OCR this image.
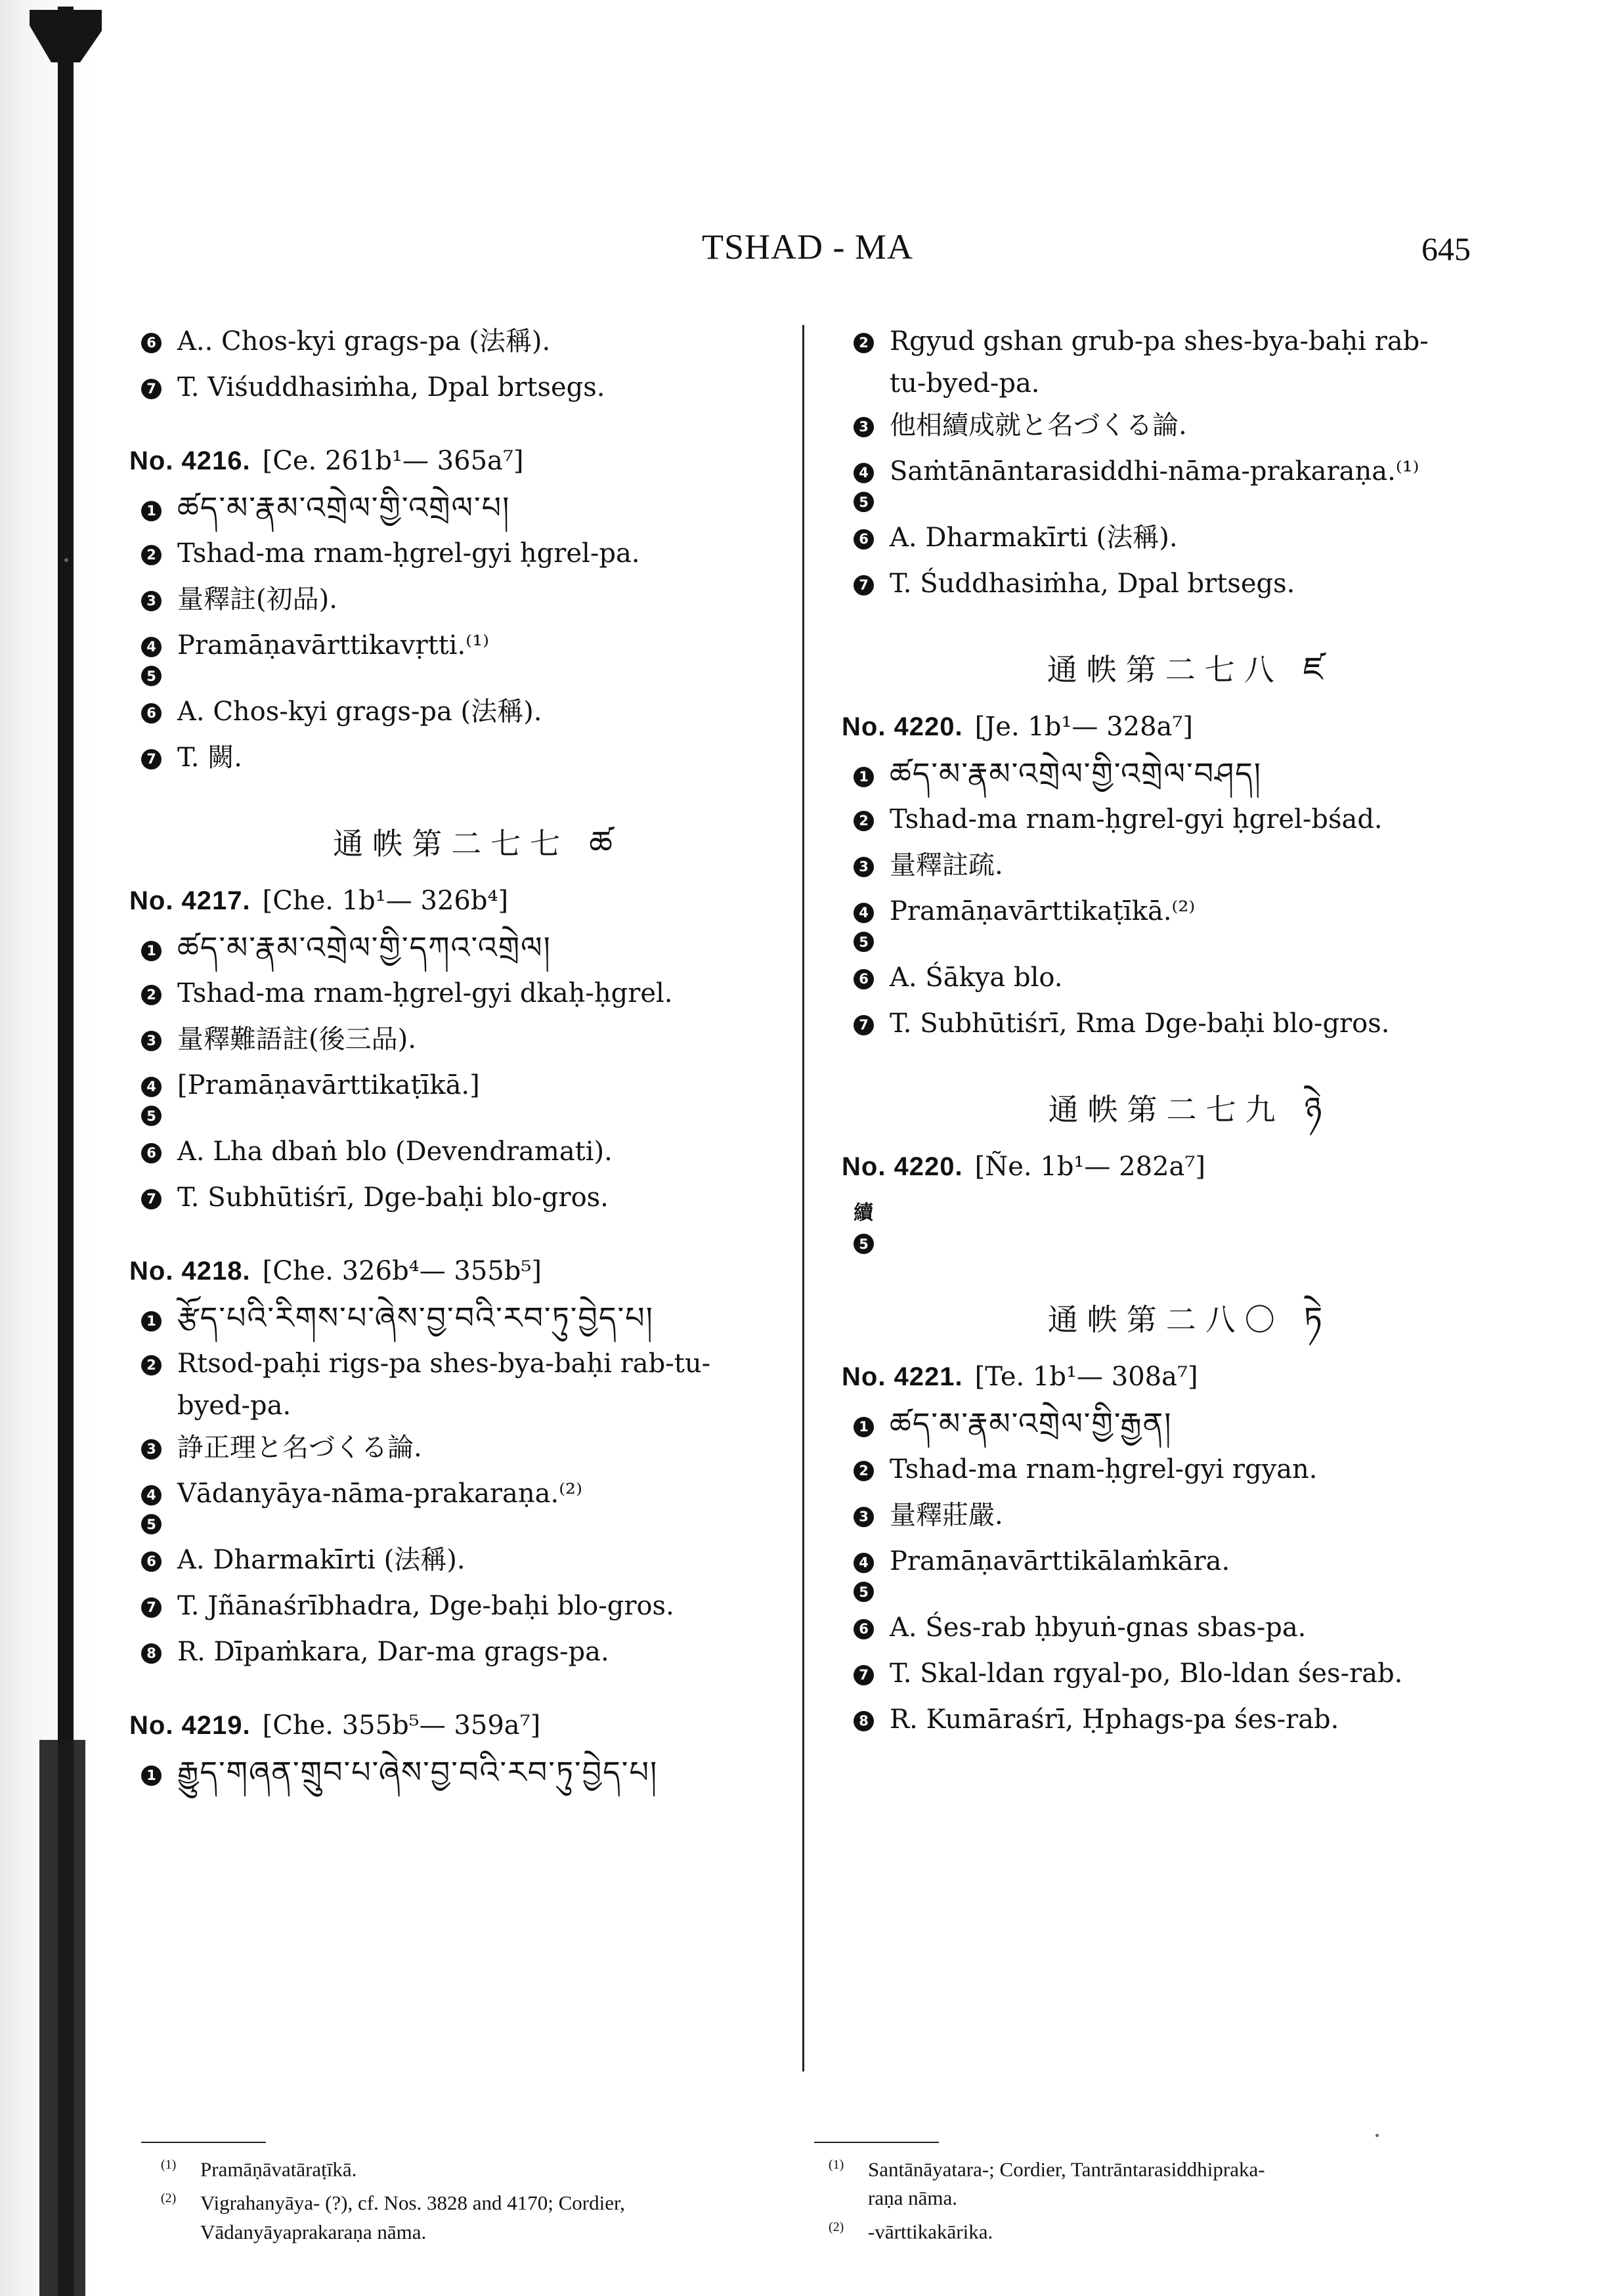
TSHAD - MA	645
6 A.. Chos-kyi grags-pa (法稱).
7 T. Viśuddhasiṁha, Dpal brtsegs.
No. 4216. [Ce. 261b¹— 365a⁷]
1 ཚད་མ་རྣམ་འགྲེལ་གྱི་འགྲེལ་པ།
2 Tshad-ma rnam-ḥgrel-gyi ḥgrel-pa.
3 量釋註(初品).
4 Pramāṇavārttikavṛtti.⁽¹⁾
5
6 A. Chos-kyi grags-pa (法稱).
7 T. 闕.
通帙第二七七 ཚ
No. 4217. [Che. 1b¹— 326b⁴]
1 ཚད་མ་རྣམ་འགྲེལ་གྱི་དཀའ་འགྲེལ།
2 Tshad-ma rnam-ḥgrel-gyi dkaḥ-ḥgrel.
3 量釋難語註(後三品).
4 [Pramāṇavārttikaṭīkā.]
5
6 A. Lha dbaṅ blo (Devendramati).
7 T. Subhūtiśrī, Dge-baḥi blo-gros.
No. 4218. [Che. 326b⁴— 355b⁵]
1 རྩོད་པའི་རིགས་པ་ཞེས་བྱ་བའི་རབ་ཏུ་བྱེད་པ།
2 Rtsod-paḥi rigs-pa shes-bya-baḥi rab-tu-
byed-pa.
3 諍正理と名づくる論.
4 Vādanyāya-nāma-prakaraṇa.⁽²⁾
5
6 A. Dharmakīrti (法稱).
7 T. Jñānaśrībhadra, Dge-baḥi blo-gros.
8 R. Dīpaṁkara, Dar-ma grags-pa.
No. 4219. [Che. 355b⁵— 359a⁷]
1 རྒྱུད་གཞན་གྲུབ་པ་ཞེས་བྱ་བའི་རབ་ཏུ་བྱེད་པ།
(1) Pramāṇāvatāraṭīkā.
(2) Vigrahanyāya- (?), cf. Nos. 3828 and 4170; Cordier,
Vādanyāyaprakaraṇa nāma.
2 Rgyud gshan grub-pa shes-bya-baḥi rab-
tu-byed-pa.
3 他相續成就と名づくる論.
4 Saṁtānāntarasiddhi-nāma-prakaraṇa.⁽¹⁾
5
6 A. Dharmakīrti (法稱).
7 T. Śuddhasiṁha, Dpal brtsegs.
通帙第二七八 ཛ
No. 4220. [Je. 1b¹— 328a⁷]
1 ཚད་མ་རྣམ་འགྲེལ་གྱི་འགྲེལ་བཤད།
2 Tshad-ma rnam-ḥgrel-gyi ḥgrel-bśad.
3 量釋註疏.
4 Pramāṇavārttikaṭīkā.⁽²⁾
5
6 A. Śākya blo.
7 T. Subhūtiśrī, Rma Dge-baḥi blo-gros.
通帙第二七九 ཉེ
No. 4220. [Ñe. 1b¹— 282a⁷]
續
5
通帙第二八〇 ཏེ
No. 4221. [Te. 1b¹— 308a⁷]
1 ཚད་མ་རྣམ་འགྲེལ་གྱི་རྒྱན།
2 Tshad-ma rnam-ḥgrel-gyi rgyan.
3 量釋莊嚴.
4 Pramāṇavārttikālaṁkāra.
5
6 A. Śes-rab ḥbyuṅ-gnas sbas-pa.
7 T. Skal-ldan rgyal-po, Blo-ldan śes-rab.
8 R. Kumāraśrī, Ḥphags-pa śes-rab.
(1) Santānāyatara-; Cordier, Tantrāntarasiddhipraka-
raṇa nāma.
(2) -vārttikakārika.
